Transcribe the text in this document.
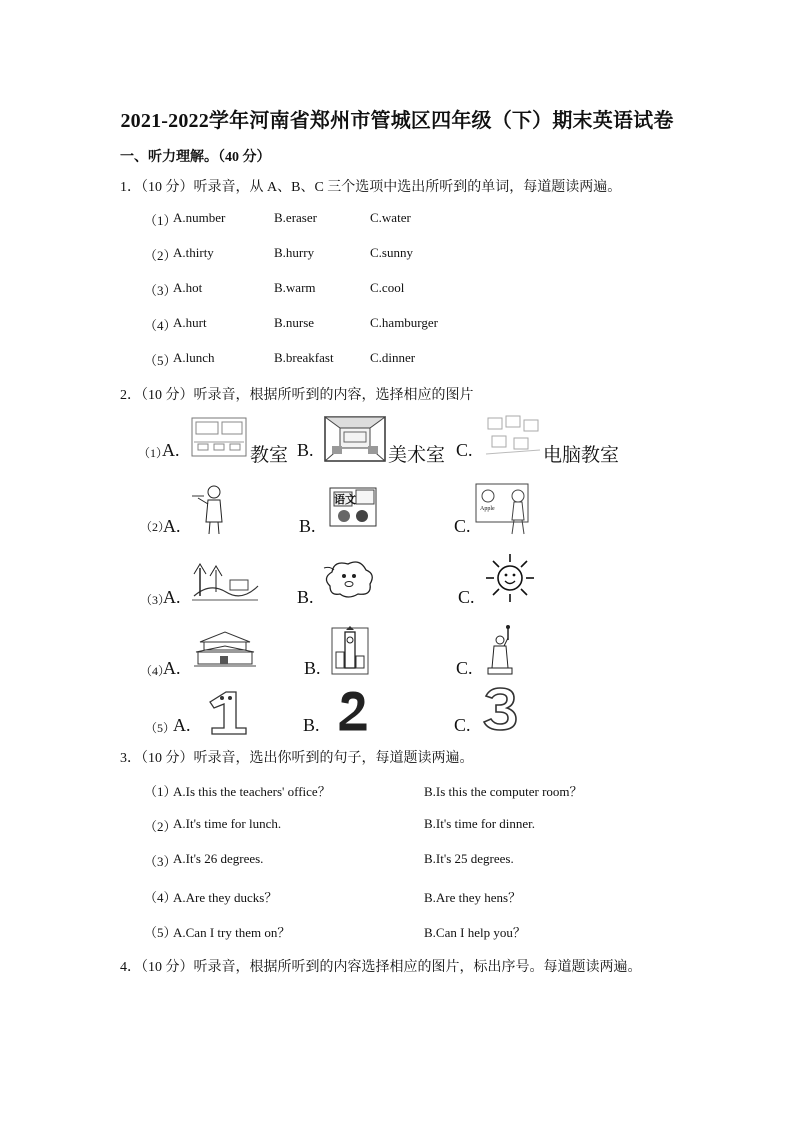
2021-2022学年河南省郑州市管城区四年级（下）期末英语试卷
一、听力理解。（40 分）
1．（10 分）听录音，从 A、B、C 三个选项中选出所听到的单词，每道题读两遍。
（1）
A.number	B.eraser	C.water
（2）
A.thirty	B.hurry	C.sunny
（3）
A.hot	B.warm	C.cool
（4）
A.hurt	B.nurse	C.hamburger
（5）
A.lunch	B.breakfast	C.dinner
2．（10 分）听录音，根据所听到的内容，选择相应的图片
（1）
A.	教室 B.	美术室 C.	电脑教室
（2）
A.	B.
语文
C.
Apple
（3）
A.	B.	C.
（4）
A.	B.	C.
（5）
A.	B.	C.
3．（10 分）听录音，选出你听到的句子，每道题读两遍。
（1）
A.Is this the teachers' office？	B.Is this the computer room？
（2）
A.It's time for lunch.	B.It's time for dinner.
（3）
A.It's 26 degrees.	B.It's 25 degrees.
（4）
A.Are they ducks？	B.Are they hens？
（5）
A.Can I try them on？	B.Can I help you？
4．（10 分）听录音，根据所听到的内容选择相应的图片，标出序号。每道题读两遍。
